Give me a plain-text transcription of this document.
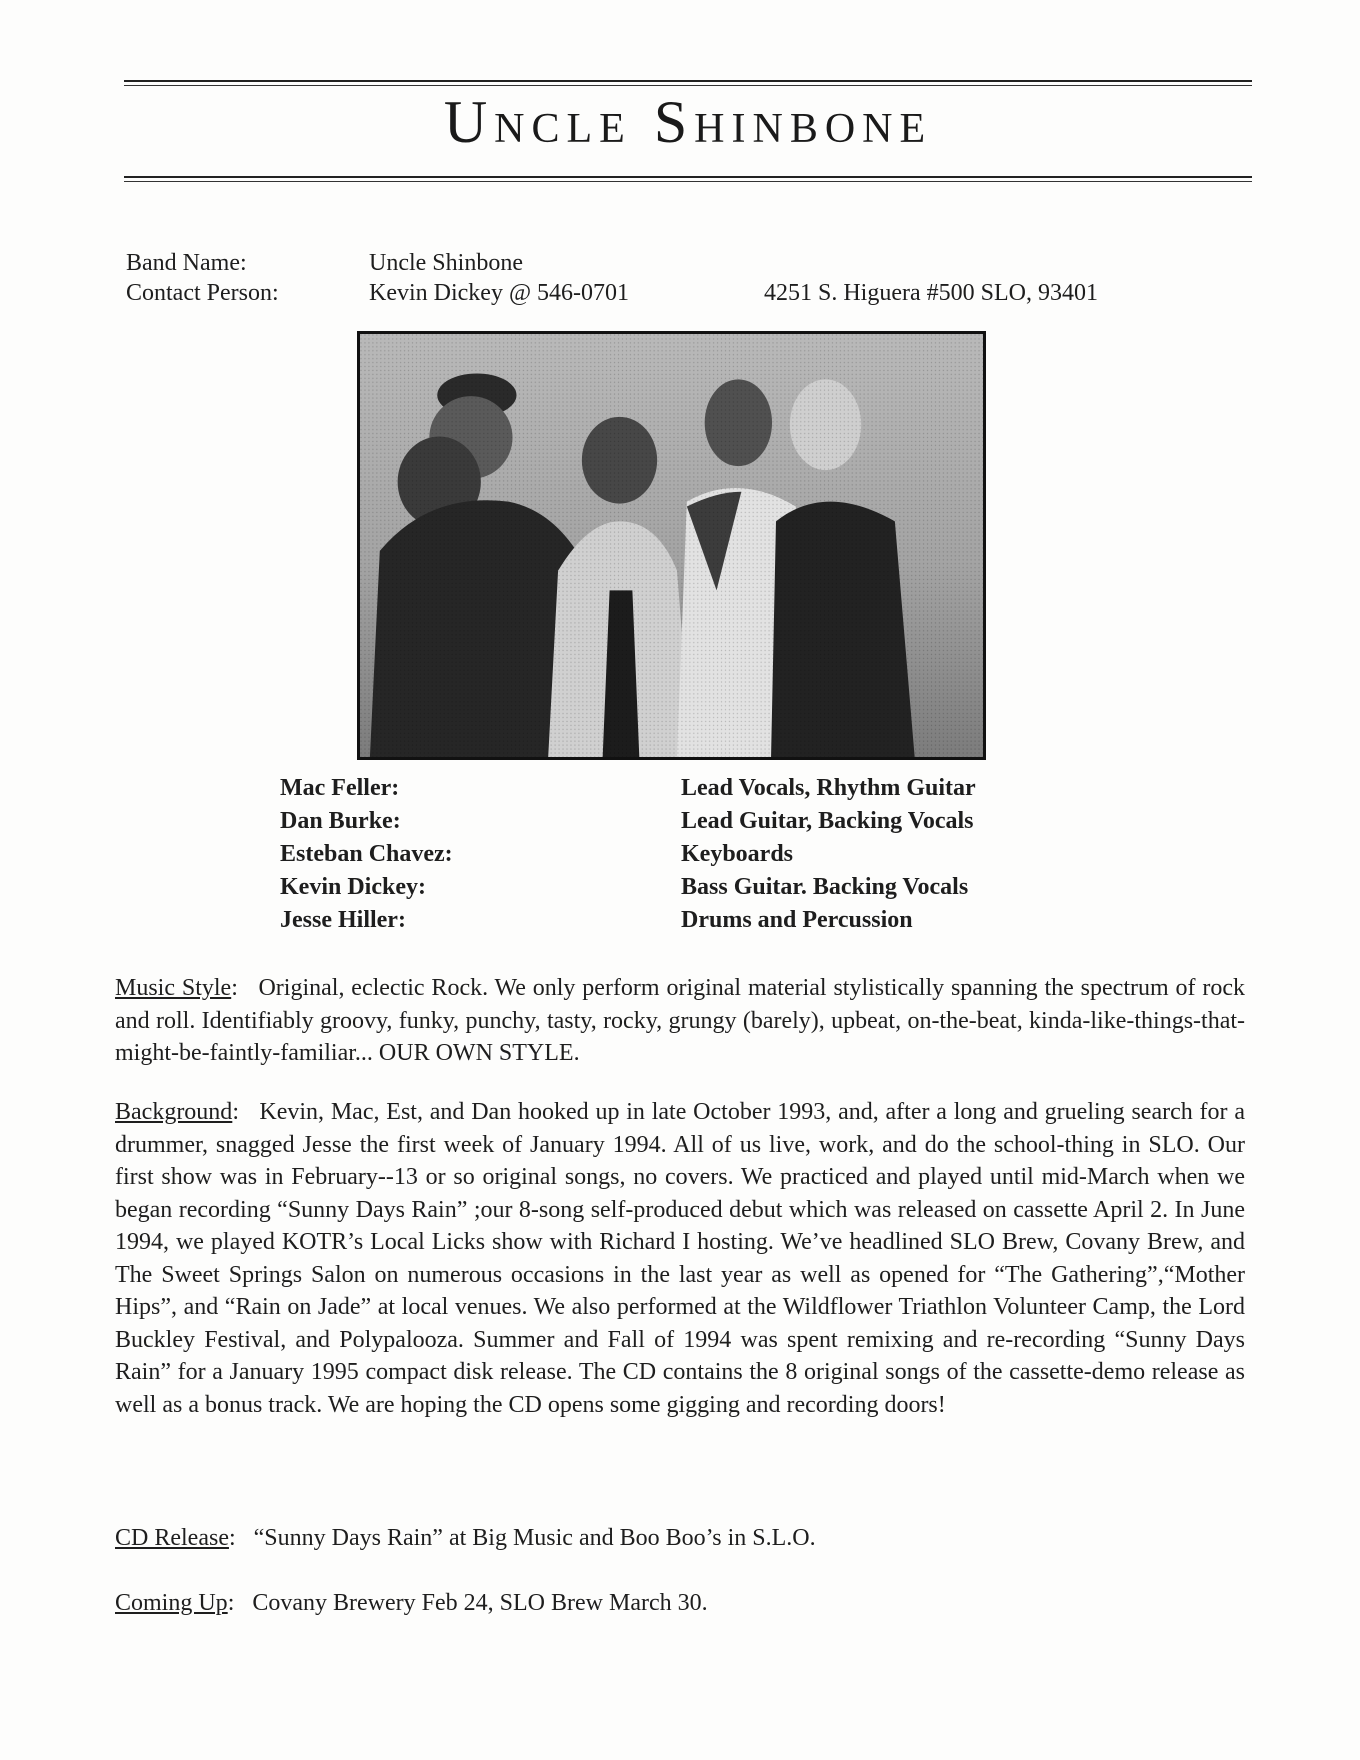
Uncle Shinbone
Band Name:
Contact Person:
Uncle Shinbone
Kevin Dickey @ 546-0701	4251 S. Higuera #500 SLO, 93401
Mac Feller:
Dan Burke:
Esteban Chavez:
Kevin Dickey:
Jesse Hiller:
Lead Vocals, Rhythm Guitar
Lead Guitar, Backing Vocals
Keyboards
Bass Guitar. Backing Vocals
Drums and Percussion
Music Style:   Original, eclectic Rock. We only perform original material stylistically spanning the spectrum of rock and roll. Identifiably groovy, funky, punchy, tasty, rocky, grungy (barely), upbeat, on-the-beat, kinda-like-things-that-might-be-faintly-familiar... OUR OWN STYLE.
Background:   Kevin, Mac, Est, and Dan hooked up in late October 1993, and, after a long and grueling search for a drummer, snagged Jesse the first week of January 1994. All of us live, work, and do the school-thing in SLO. Our first show was in February--13 or so original songs, no covers. We practiced and played until mid-March when we began recording “Sunny Days Rain” ;our 8-song self-produced debut which was released on cassette April 2. In June 1994, we played KOTR’s Local Licks show with Richard I hosting. We’ve headlined SLO Brew, Covany Brew, and The Sweet Springs Salon on numerous occasions in the last year as well as opened for “The Gathering”,“Mother Hips”, and “Rain on Jade” at local venues. We also performed at the Wildflower Triathlon Volunteer Camp, the Lord Buckley Festival, and Polypalooza. Summer and Fall of 1994 was spent remixing and re-recording “Sunny Days Rain” for a January 1995 compact disk release. The CD contains the 8 original songs of the cassette-demo release as well as a bonus track. We are hoping the CD opens some gigging and recording doors!
CD Release:   “Sunny Days Rain” at Big Music and Boo Boo’s in S.L.O.
Coming Up:   Covany Brewery Feb 24, SLO Brew March 30.
